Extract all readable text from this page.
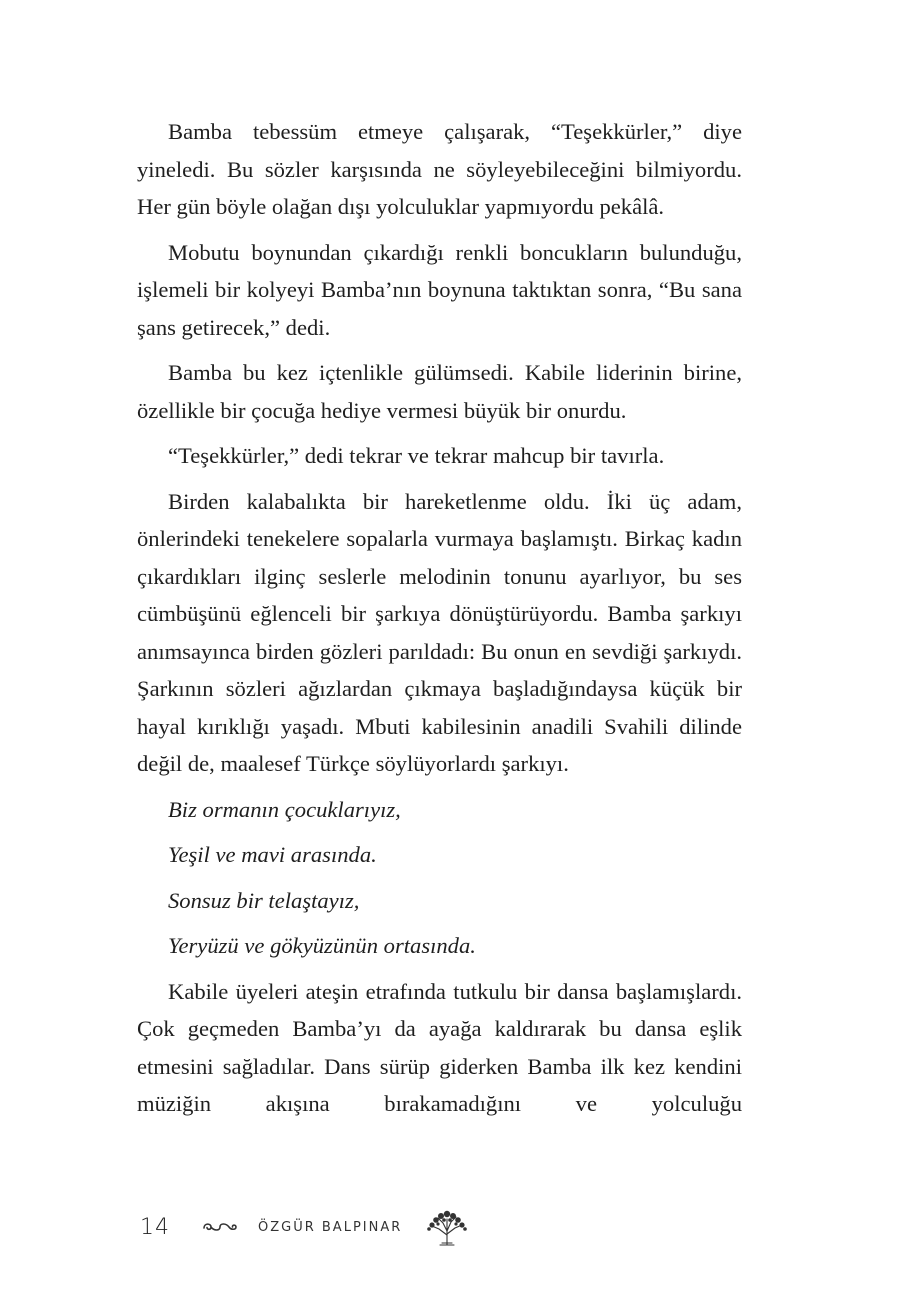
Bamba tebessüm etmeye çalışarak, “Teşekkürler,” diye yineledi. Bu sözler karşısında ne söyleyebileceğini bilmiyordu. Her gün böyle olağan dışı yolculuklar yapmıyordu pekâlâ.

Mobutu boynundan çıkardığı renkli boncukların bulunduğu, işlemeli bir kolyeyi Bamba’nın boynuna taktıktan sonra, “Bu sana şans getirecek,” dedi.

Bamba bu kez içtenlikle gülümsedi. Kabile liderinin birine, özellikle bir çocuğa hediye vermesi büyük bir onurdu.

“Teşekkürler,” dedi tekrar ve tekrar mahcup bir tavırla.

Birden kalabalıkta bir hareketlenme oldu. İki üç adam, önlerindeki tenekelere sopalarla vurmaya başlamıştı. Birkaç kadın çıkardıkları ilginç seslerle melodinin tonunu ayarlıyor, bu ses cümbüşünü eğlenceli bir şarkıya dönüştürüyordu. Bamba şarkıyı anımsayınca birden gözleri parıldadı: Bu onun en sevdiği şarkıydı. Şarkının sözleri ağızlardan çıkmaya başladığındaysa küçük bir hayal kırıklığı yaşadı. Mbuti kabilesinin anadili Svahili dilinde değil de, maalesef Türkçe söylüyorlardı şarkıyı.

Biz ormanın çocuklarıyız,

Yeşil ve mavi arasında.

Sonsuz bir telaştayız,

Yeryüzü ve gökyüzünün ortasında.

Kabile üyeleri ateşin etrafında tutkulu bir dansa başlamışlardı. Çok geçmeden Bamba’yı da ayağa kaldırarak bu dansa eşlik etmesini sağladılar. Dans sürüp giderken Bamba ilk kez kendini müziğin akışına bırakamadığını ve yolculuğu

14	ÖZGÜR BALPINAR
